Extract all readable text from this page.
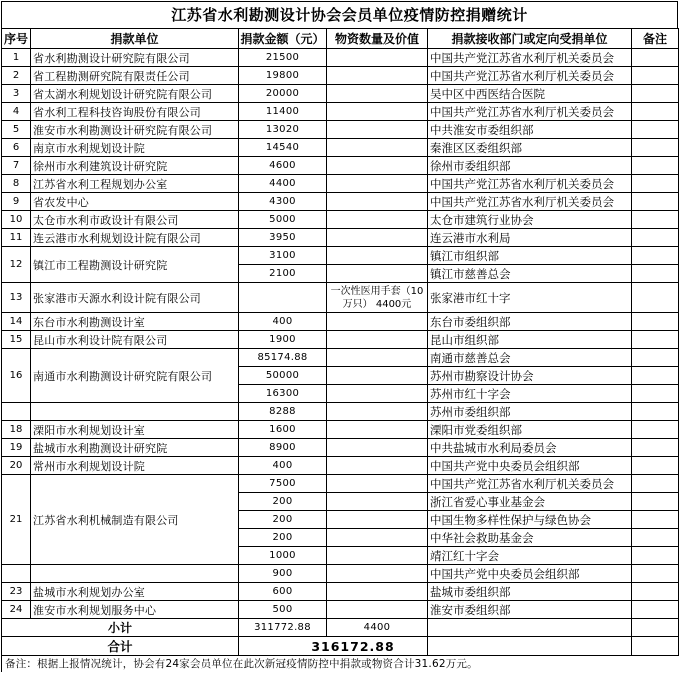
江苏省水利勘测设计协会会员单位疫情防控捐赠统计
序号	捐款单位	捐款金额（元）	物资数量及价值	捐款接收部门或定向受捐单位	备注
1	省水利勘测设计研究院有限公司	21500		中国共产党江苏省水利厅机关委员会	
2	省工程勘测研究院有限责任公司	19800		中国共产党江苏省水利厅机关委员会	
3	省太湖水利规划设计研究院有限公司	20000		吴中区中西医结合医院	
4	省水利工程科技咨询股份有限公司	11400		中国共产党江苏省水利厅机关委员会	
5	淮安市水利勘测设计研究院有限公司	13020		中共淮安市委组织部	
6	南京市水利规划设计院	14540		秦淮区区委组织部	
7	徐州市水利建筑设计研究院	4600		徐州市委组织部	
8	江苏省水利工程规划办公室	4400		中国共产党江苏省水利厅机关委员会	
9	省农发中心	4300		中国共产党江苏省水利厅机关委员会	
10	太仓市水利市政设计有限公司	5000		太仓市建筑行业协会	
11	连云港市水利规划设计院有限公司	3950		连云港市水利局	
12	镇江市工程勘测设计研究院	3100		镇江市组织部	
		2100		镇江市慈善总会	
13	张家港市天源水利设计院有限公司		一次性医用手套（10万只） 4400元	张家港市红十字	
14	东台市水利勘测设计室	400		东台市委组织部	
15	昆山市水利设计院有限公司	1900		昆山市组织部	
16	南通市水利勘测设计研究院有限公司	85174.88		南通市慈善总会	
		50000		苏州市勘察设计协会	
		16300		苏州市红十字会	
		8288		苏州市委组织部	
18	溧阳市水利规划设计室	1600		溧阳市党委组织部	
19	盐城市水利勘测设计研究院	8900		中共盐城市水利局委员会	
20	常州市水利规划设计院	400		中国共产党中央委员会组织部	
21	江苏省水利机械制造有限公司	7500		中国共产党江苏省水利厅机关委员会	
		200		浙江省爱心事业基金会	
		200		中国生物多样性保护与绿色协会	
		200		中华社会救助基金会	
		1000		靖江红十字会	
		900		中国共产党中央委员会组织部	
23	盐城市水利规划办公室	600		盐城市委组织部	
24	淮安市水利规划服务中心	500		淮安市委组织部	
小计		311772.88	4400		
合计		316172.88			
备注：根据上报情况统计，协会有24家会员单位在此次新冠疫情防控中捐款或物资合计31.62万元。
